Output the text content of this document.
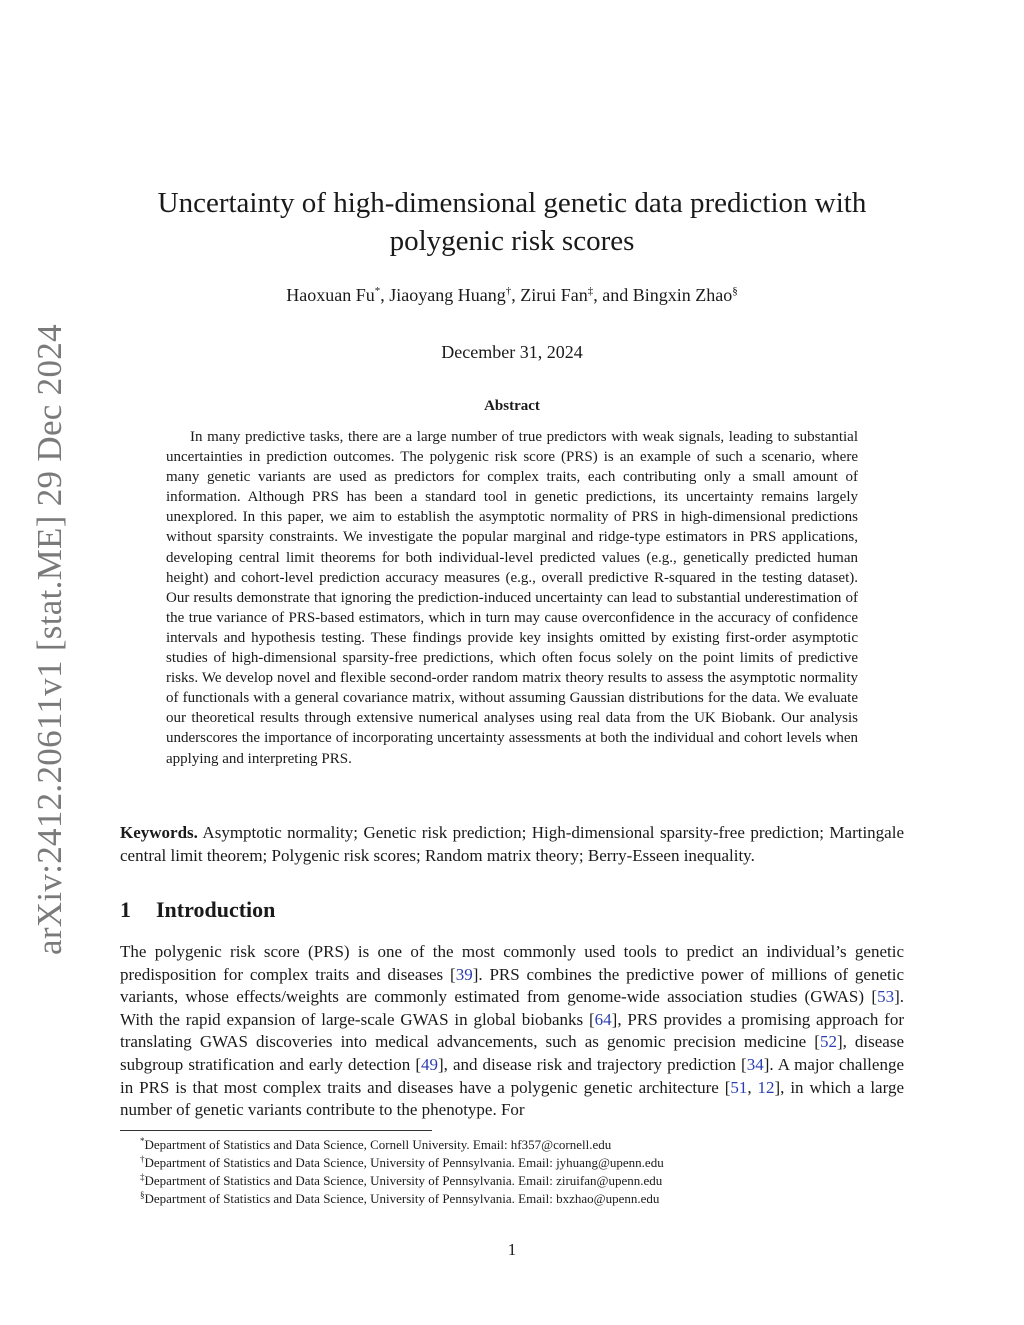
arXiv:2412.20611v1 [stat.ME] 29 Dec 2024
Uncertainty of high-dimensional genetic data prediction with polygenic risk scores
Haoxuan Fu*, Jiaoyang Huang†, Zirui Fan‡, and Bingxin Zhao§
December 31, 2024
Abstract

In many predictive tasks, there are a large number of true predictors with weak signals, leading to substantial uncertainties in prediction outcomes. The polygenic risk score (PRS) is an example of such a scenario, where many genetic variants are used as predictors for complex traits, each contributing only a small amount of information. Although PRS has been a standard tool in genetic predictions, its uncertainty remains largely unexplored. In this paper, we aim to establish the asymptotic normality of PRS in high-dimensional predictions without sparsity constraints. We investigate the popular marginal and ridge-type estimators in PRS applications, developing central limit theorems for both individual-level predicted values (e.g., genetically predicted human height) and cohort-level prediction accuracy measures (e.g., overall predictive R-squared in the testing dataset). Our results demonstrate that ignoring the prediction-induced uncertainty can lead to substantial underestimation of the true variance of PRS-based estimators, which in turn may cause overconfidence in the accuracy of confidence intervals and hypothesis testing. These findings provide key insights omitted by existing first-order asymptotic studies of high-dimensional sparsity-free predictions, which often focus solely on the point limits of predictive risks. We develop novel and flexible second-order random matrix theory results to assess the asymptotic normality of functionals with a general covariance matrix, without assuming Gaussian distributions for the data. We evaluate our theoretical results through extensive numerical analyses using real data from the UK Biobank. Our analysis underscores the importance of incorporating uncertainty assessments at both the individual and cohort levels when applying and interpreting PRS.

Keywords. Asymptotic normality; Genetic risk prediction; High-dimensional sparsity-free prediction; Martingale central limit theorem; Polygenic risk scores; Random matrix theory; Berry-Esseen inequality.

1 Introduction

The polygenic risk score (PRS) is one of the most commonly used tools to predict an individual’s genetic predisposition for complex traits and diseases [39]. PRS combines the predictive power of millions of genetic variants, whose effects/weights are commonly estimated from genome-wide association studies (GWAS) [53]. With the rapid expansion of large-scale GWAS in global biobanks [64], PRS provides a promising approach for translating GWAS discoveries into medical advancements, such as genomic precision medicine [52], disease subgroup stratification and early detection [49], and disease risk and trajectory prediction [34]. A major challenge in PRS is that most complex traits and diseases have a polygenic genetic architecture [51, 12], in which a large number of genetic variants contribute to the phenotype. For

*Department of Statistics and Data Science, Cornell University. Email: hf357@cornell.edu
†Department of Statistics and Data Science, University of Pennsylvania. Email: jyhuang@upenn.edu
‡Department of Statistics and Data Science, University of Pennsylvania. Email: ziruifan@upenn.edu
§Department of Statistics and Data Science, University of Pennsylvania. Email: bxzhao@upenn.edu
1
